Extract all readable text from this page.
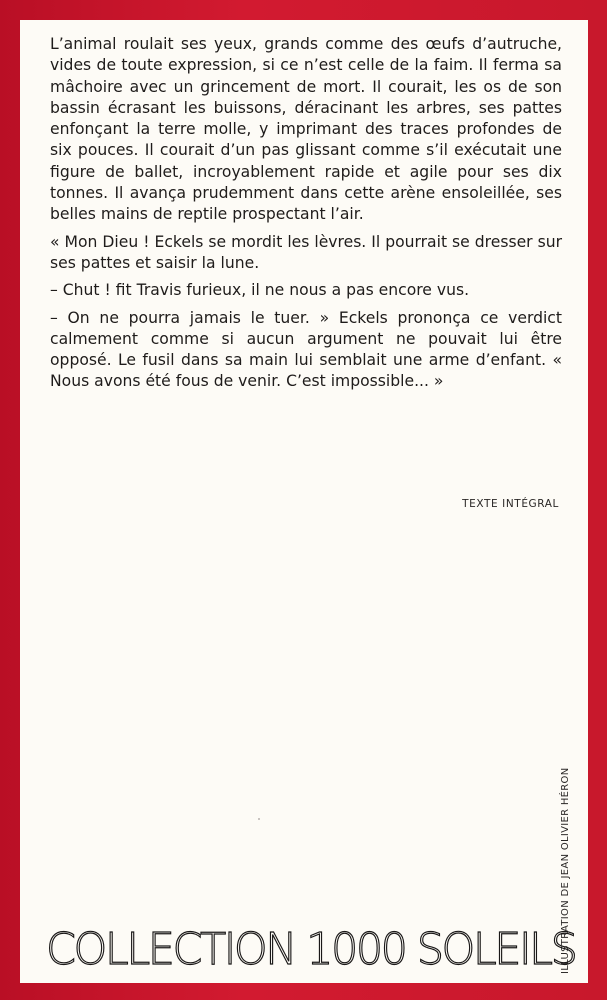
L’animal roulait ses yeux, grands comme des œufs d’autruche, vides de toute expression, si ce n’est celle de la faim. Il ferma sa mâchoire avec un grincement de mort. Il courait, les os de son bassin écrasant les buissons, déracinant les arbres, ses pattes enfonçant la terre molle, y imprimant des traces profondes de six pouces. Il courait d’un pas glissant comme s’il exécutait une figure de ballet, incroyablement rapide et agile pour ses dix tonnes. Il avança prudemment dans cette arène ensoleillée, ses belles mains de reptile prospectant l’air.

« Mon Dieu ! Eckels se mordit les lèvres. Il pourrait se dresser sur ses pattes et saisir la lune.

– Chut ! fit Travis furieux, il ne nous a pas encore vus.

– On ne pourra jamais le tuer. » Eckels prononça ce verdict calmement comme si aucun argument ne pouvait lui être opposé. Le fusil dans sa main lui semblait une arme d’enfant. « Nous avons été fous de venir. C’est impossible... »

TEXTE INTÉGRAL
ILLUSTRATION DE JEAN OLIVIER HÉRON
COLLECTION 1000 SOLEILS
